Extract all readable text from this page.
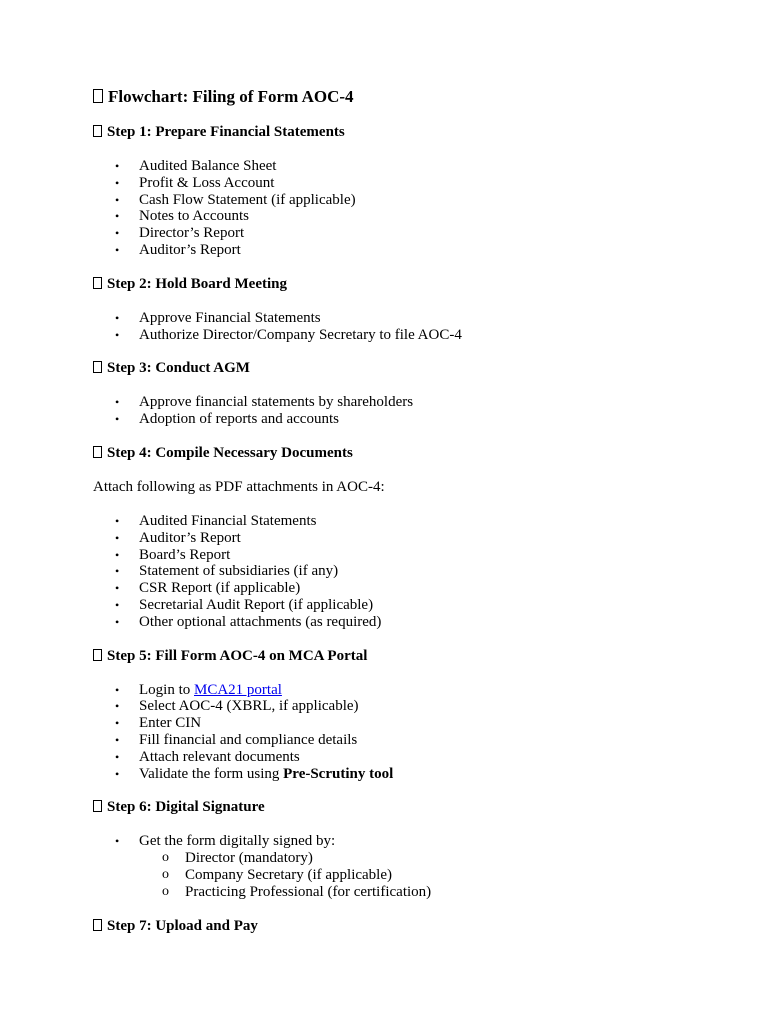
Flowchart: Filing of Form AOC-4
Step 1: Prepare Financial Statements
• Audited Balance Sheet
• Profit & Loss Account
• Cash Flow Statement (if applicable)
• Notes to Accounts
• Director’s Report
• Auditor’s Report
Step 2: Hold Board Meeting
• Approve Financial Statements
• Authorize Director/Company Secretary to file AOC-4
Step 3: Conduct AGM
• Approve financial statements by shareholders
• Adoption of reports and accounts
Step 4: Compile Necessary Documents
Attach following as PDF attachments in AOC-4:
• Audited Financial Statements
• Auditor’s Report
• Board’s Report
• Statement of subsidiaries (if any)
• CSR Report (if applicable)
• Secretarial Audit Report (if applicable)
• Other optional attachments (as required)
Step 5: Fill Form AOC-4 on MCA Portal
• Login to MCA21 portal
• Select AOC-4 (XBRL, if applicable)
• Enter CIN
• Fill financial and compliance details
• Attach relevant documents
• Validate the form using Pre-Scrutiny tool
Step 6: Digital Signature
• Get the form digitally signed by:
o Director (mandatory)
o Company Secretary (if applicable)
o Practicing Professional (for certification)
Step 7: Upload and Pay
